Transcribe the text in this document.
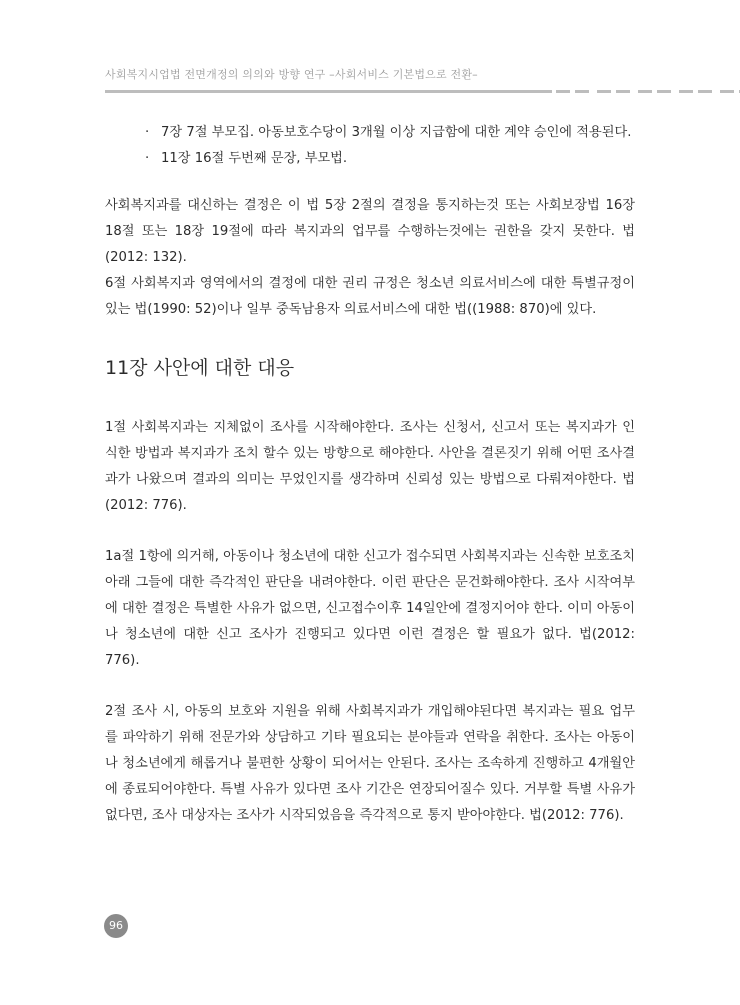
사회복지시업법 전면개정의 의의와 방향 연구 –사회서비스 기본법으로 전환–
· 7장 7절 부모집. 아동보호수당이 3개월 이상 지급함에 대한 계약 승인에 적용된다.
· 11장 16절 두번째 문장, 부모법.

사회복지과를 대신하는 결정은 이 법 5장 2절의 결정을 통지하는것 또는 사회보장법 16장 18절 또는 18장 19절에 따라 복지과의 업무를 수행하는것에는 권한을 갖지 못한다. 법(2012: 132).

6절 사회복지과 영역에서의 결정에 대한 권리 규정은 청소년 의료서비스에 대한 특별규정이 있는 법(1990: 52)이나 일부 중독남용자 의료서비스에 대한 법((1988: 870)에 있다.

11장 사안에 대한 대응

1절 사회복지과는 지체없이 조사를 시작해야한다. 조사는 신청서, 신고서 또는 복지과가 인식한 방법과 복지과가 조치 할수 있는 방향으로 해야한다. 사안을 결론짓기 위해 어떤 조사결과가 나왔으며 결과의 의미는 무었인지를 생각하며 신뢰성 있는 방법으로 다뤄져야한다. 법(2012: 776).

1a절 1항에 의거해, 아동이나 청소년에 대한 신고가 접수되면 사회복지과는 신속한 보호조치아래 그들에 대한 즉각적인 판단을 내려야한다. 이런 판단은 문건화해야한다. 조사 시작여부에 대한 결정은 특별한 사유가 없으면, 신고접수이후 14일안에 결정지어야 한다. 이미 아동이나 청소년에 대한 신고 조사가 진행되고 있다면 이런 결정은 할 필요가 없다. 법(2012: 776).

2절 조사 시, 아동의 보호와 지원을 위해 사회복지과가 개입해야된다면 복지과는 필요 업무를 파악하기 위해 전문가와 상담하고 기타 필요되는 분야들과 연락을 취한다. 조사는 아동이나 청소년에게 해롭거나 불편한 상황이 되어서는 안된다. 조사는 조속하게 진행하고 4개월안에 종료되어야한다. 특별 사유가 있다면 조사 기간은 연장되어질수 있다. 거부할 특별 사유가 없다면, 조사 대상자는 조사가 시작되었음을 즉각적으로 통지 받아야한다. 법(2012: 776).

96
